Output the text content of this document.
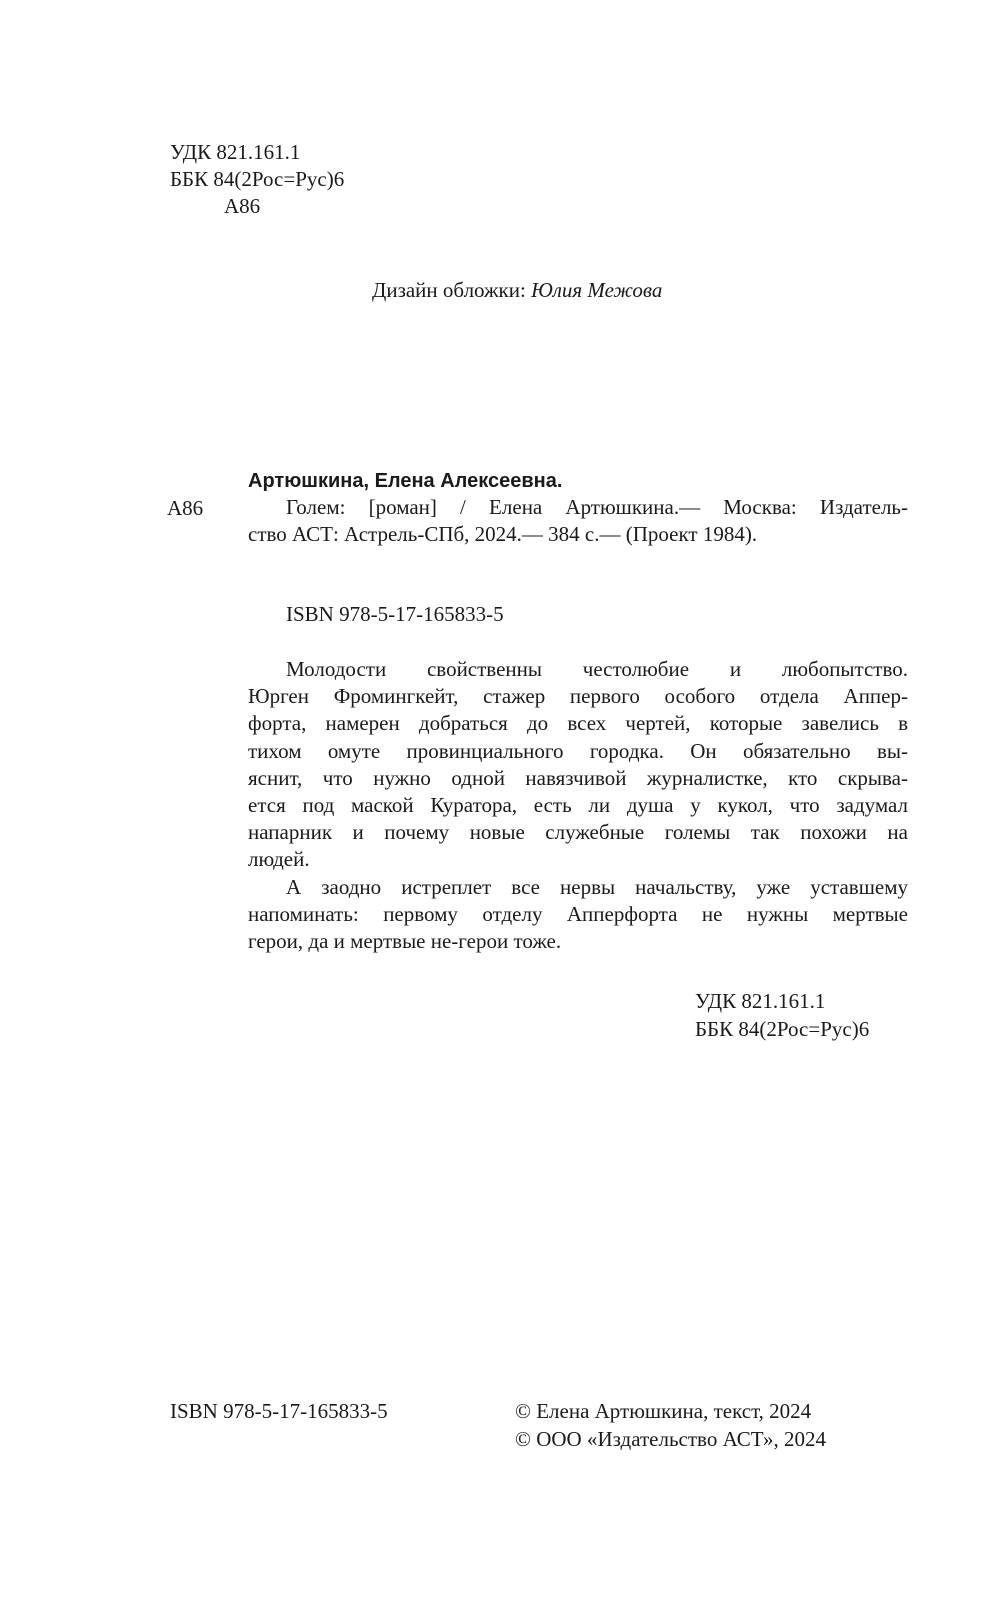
УДК 821.161.1
ББК 84(2Рос=Рус)6
А86
Дизайн обложки: Юлия Межова
Артюшкина, Елена Алексеевна.
А86	Голем: [роман] / Елена Артюшкина.— Москва: Издатель-
ство АСТ: Астрель-СПб, 2024.— 384 с.— (Проект 1984).
ISBN 978-5-17-165833-5
Молодости свойственны честолюбие и любопытство.
Юрген Фромингкейт, стажер первого особого отдела Аппер-
форта, намерен добраться до всех чертей, которые завелись в
тихом омуте провинциального городка. Он обязательно вы-
яснит, что нужно одной навязчивой журналистке, кто скрыва-
ется под маской Куратора, есть ли душа у кукол, что задумал
напарник и почему новые служебные големы так похожи на
людей.
А заодно истреплет все нервы начальству, уже уставшему
напоминать: первому отделу Апперфорта не нужны мертвые
герои, да и мертвые не-герои тоже.
УДК 821.161.1
ББК 84(2Рос=Рус)6
ISBN 978-5-17-165833-5	© Елена Артюшкина, текст, 2024
© ООО «Издательство АСТ», 2024
